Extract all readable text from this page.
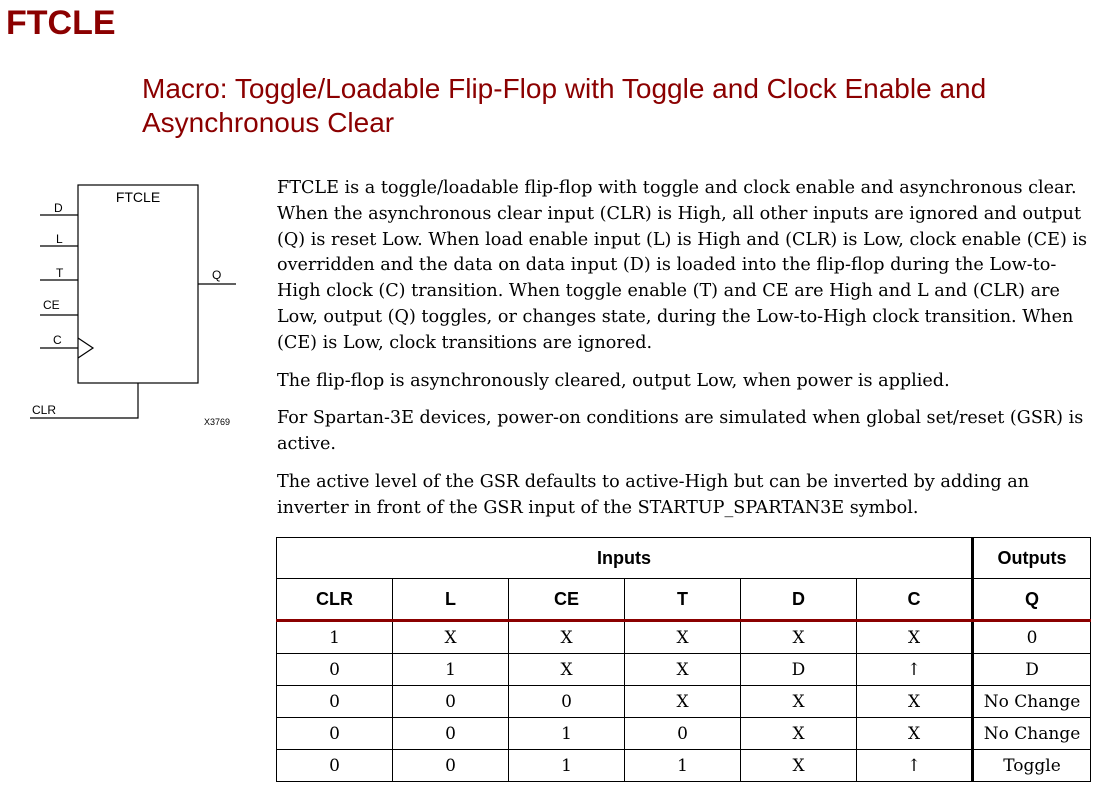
FTCLE
Macro: Toggle/Loadable Flip-Flop with Toggle and Clock Enable and Asynchronous Clear
FTCLE
D
L
T
CE
C
Q
CLR
X3769

FTCLE is a toggle/loadable flip-flop with toggle and clock enable and asynchronous clear. When the asynchronous clear input (CLR) is High, all other inputs are ignored and output (Q) is reset Low. When load enable input (L) is High and (CLR) is Low, clock enable (CE) is overridden and the data on data input (D) is loaded into the flip-flop during the Low-to-High clock (C) transition. When toggle enable (T) and CE are High and L and (CLR) are Low, output (Q) toggles, or changes state, during the Low-to-High clock transition. When (CE) is Low, clock transitions are ignored.

The flip-flop is asynchronously cleared, output Low, when power is applied.

For Spartan-3E devices, power-on conditions are simulated when global set/reset (GSR) is active.

The active level of the GSR defaults to active-High but can be inverted by adding an inverter in front of the GSR input of the STARTUP_SPARTAN3E symbol.

Inputs						Outputs
CLR	L	CE	T	D	C	Q
1	X	X	X	X	X	0
0	1	X	X	D	↑	D
0	0	0	X	X	X	No Change
0	0	1	0	X	X	No Change
0	0	1	1	X	↑	Toggle
